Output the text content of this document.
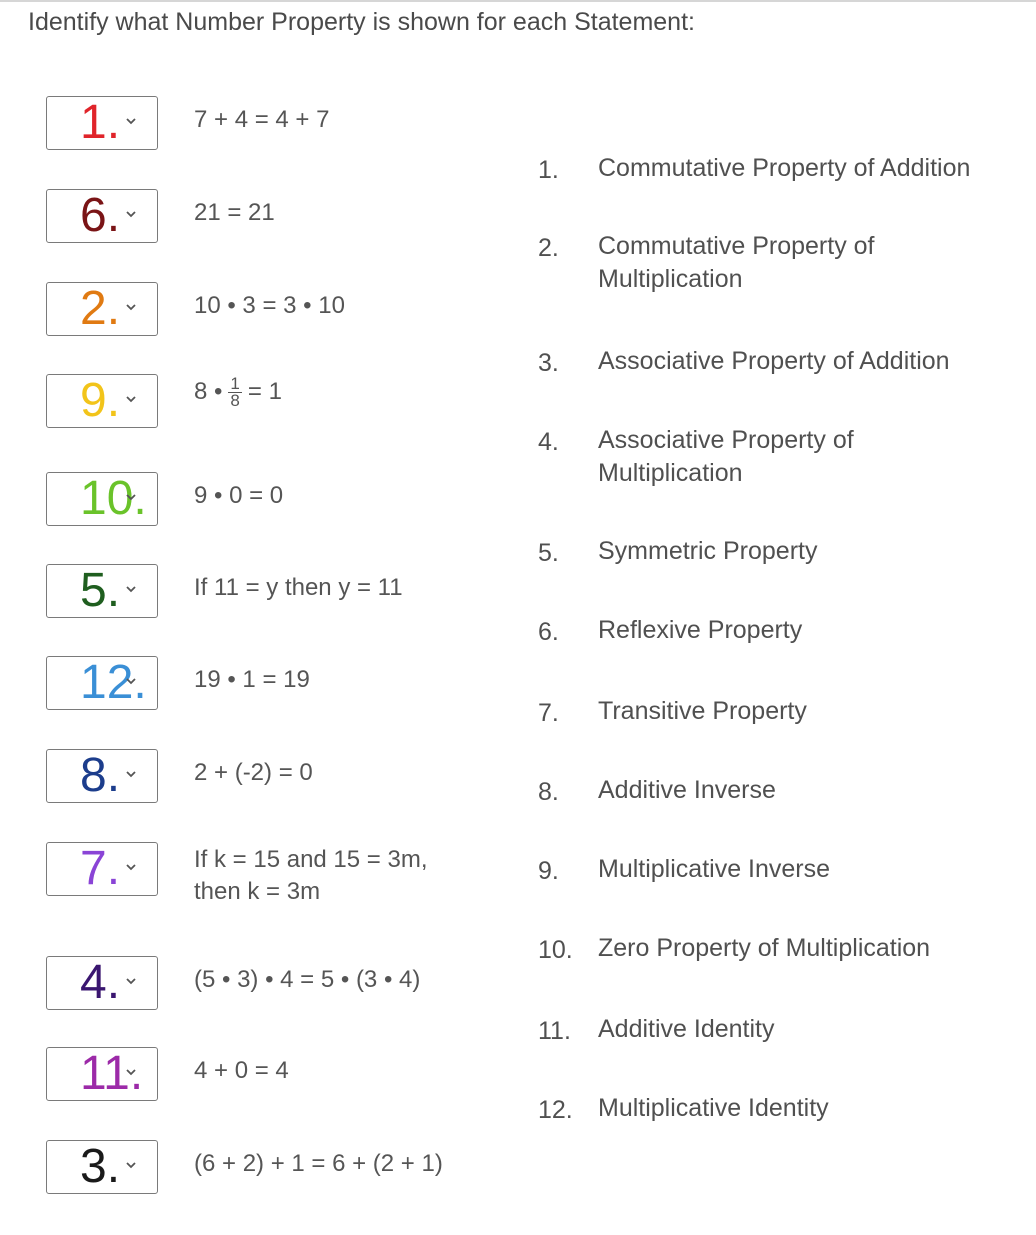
Identify what Number Property is shown for each Statement:
1.	7 + 4 = 4 + 7
6.	21 = 21
2.	10 • 3 = 3 • 10
9.	8 • $\frac{1}{8} = 1$
10. 9 • 0 = 0
5.	If 11 = y then y = 11
12. 19 • 1 = 19
8.	2 + (-2) = 0
7.	If k = 15 and 15 = 3m,
then k = 3m
4.	(5 • 3) • 4 = 5 • (3 • 4)
11. 4 + 0 = 4
3.	(6 + 2) + 1 = 6 + (2 + 1)
1.	Commutative Property of Addition
2.	Commutative Property of Multiplication
3.	Associative Property of Addition
4.	Associative Property of Multiplication
5.	Symmetric Property
6.	Reflexive Property
7.	Transitive Property
8.	Additive Inverse
9.	Multiplicative Inverse
10.	Zero Property of Multiplication
11.	Additive Identity
12.	Multiplicative Identity
